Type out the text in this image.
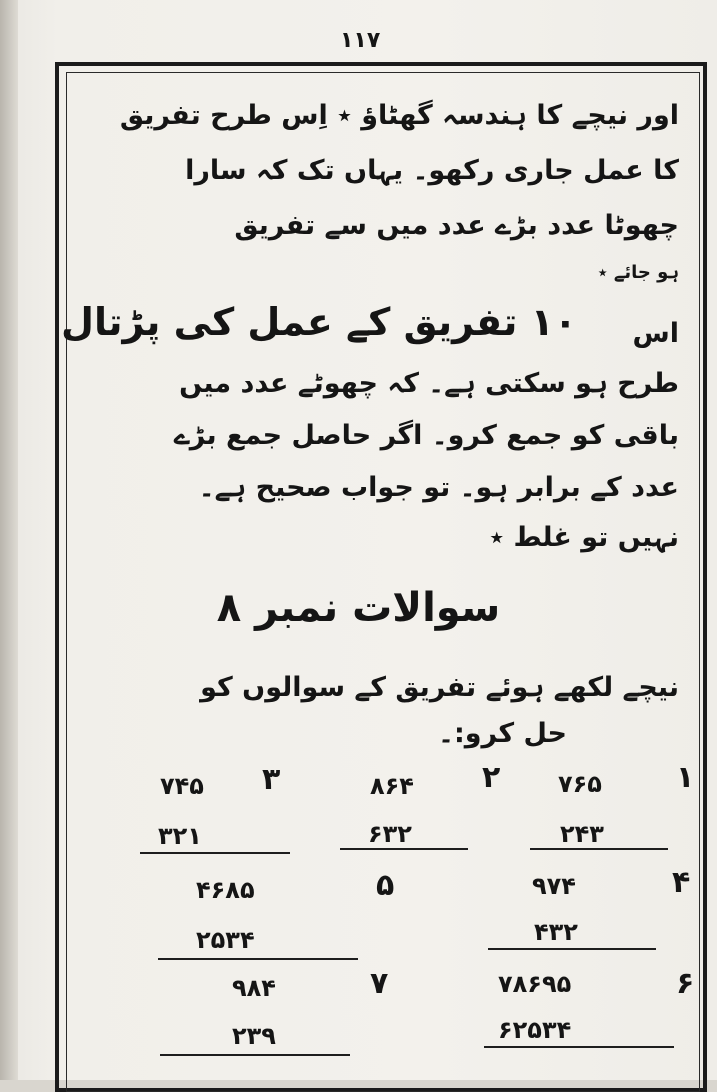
۱۱۷
اور نیچے کا ہندسہ گھٹاؤ ٭ اِس طرح تفریق
کا عمل جاری رکھو۔ یہاں تک کہ سارا
چھوٹا عدد بڑے عدد میں سے تفریق
ہو جائے ٭
۱۰ تفریق کے عمل کی پڑتال اس
طرح ہو سکتی ہے۔ کہ چھوٹے عدد میں
باقی کو جمع کرو۔ اگر حاصل جمع بڑے
عدد کے برابر ہو۔ تو جواب صحیح ہے۔
نہیں تو غلط ٭
سوالات نمبر ۸
نیچے لکھے ہوئے تفریق کے سوالوں کو
حل کرو:۔
۱
۷۶۵
۲۴۳
۲
۸۶۴
۶۳۲
۳
۷۴۵
۳۲۱
۴
۹۷۴
۴۳۲
۵
۴۶۸۵
۲۵۳۴
۶
۷۸۶۹۵
۶۲۵۳۴
۷
۹۸۴
۲۳۹
